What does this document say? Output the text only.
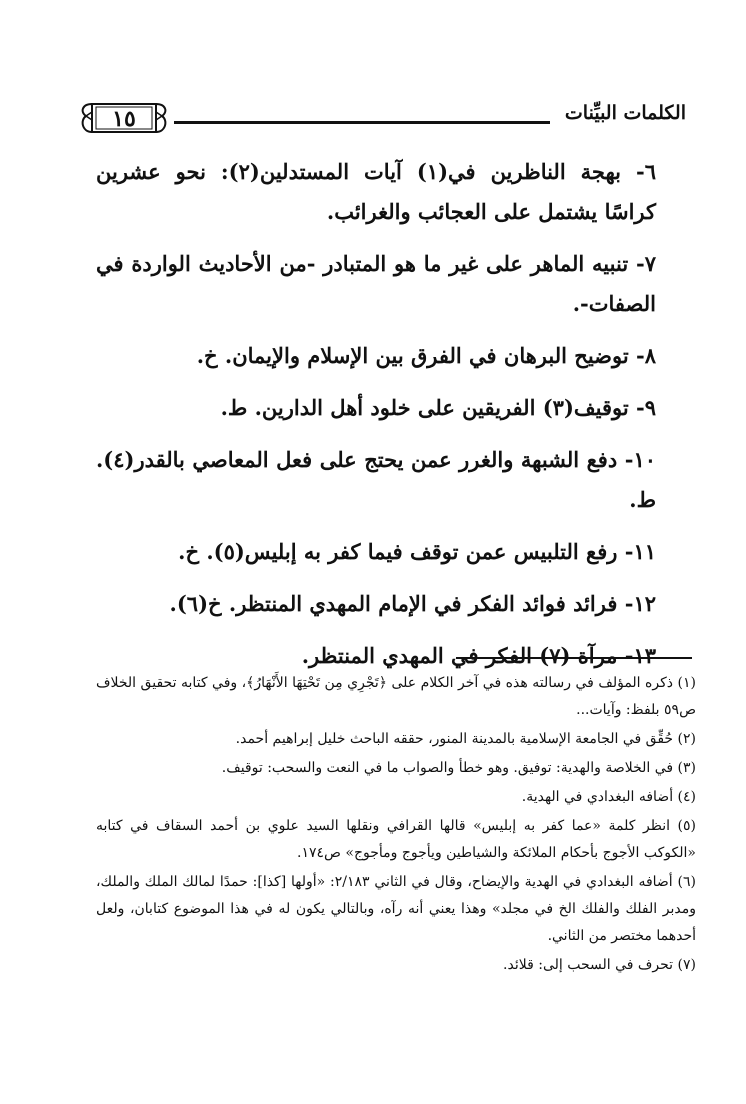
الكلمات البيِّنات
١٥
٦- بهجة الناظرين في(١) آيات المستدلين(٢): نحو عشرين كراسًا يشتمل على العجائب والغرائب.
٧- تنبيه الماهر على غير ما هو المتبادر -من الأحاديث الواردة في الصفات-.
٨- توضيح البرهان في الفرق بين الإسلام والإيمان. خ.
٩- توقيف(٣) الفريقين على خلود أهل الدارين. ط.
١٠- دفع الشبهة والغرر عمن يحتج على فعل المعاصي بالقدر(٤). ط.
١١- رفع التلبيس عمن توقف فيما كفر به إبليس(٥). خ.
١٢- فرائد فوائد الفكر في الإمام المهدي المنتظر. خ(٦).
١٣- مرآة (٧) الفكر في المهدي المنتظر.
(١) ذكره المؤلف في رسالته هذه في آخر الكلام على ﴿تَجْرِي مِن تَحْتِهَا الأَنْهَارُ﴾، وفي كتابه تحقيق الخلاف ص٥٩ بلفظ: وآيات...
(٢) حُقِّق في الجامعة الإسلامية بالمدينة المنور، حققه الباحث خليل إبراهيم أحمد.
(٣) في الخلاصة والهدية: توفيق. وهو خطأ والصواب ما في النعت والسحب: توقيف.
(٤) أضافه البغدادي في الهدية.
(٥) انظر كلمة «عما كفر به إبليس» قالها القرافي ونقلها السيد علوي بن أحمد السقاف في كتابه «الكوكب الأجوج بأحكام الملائكة والشياطين ويأجوج ومأجوج» ص١٧٤.
(٦) أضافه البغدادي في الهدية والإيضاح، وقال في الثاني ٢/١٨٣: «أولها [كذا]: حمدًا لمالك الملك والملك، ومدبر الفلك والفلك الخ في مجلد» وهذا يعني أنه رآه، وبالتالي يكون له في هذا الموضوع كتابان، ولعل أحدهما مختصر من الثاني.
(٧) تحرف في السحب إلى: قلائد.
